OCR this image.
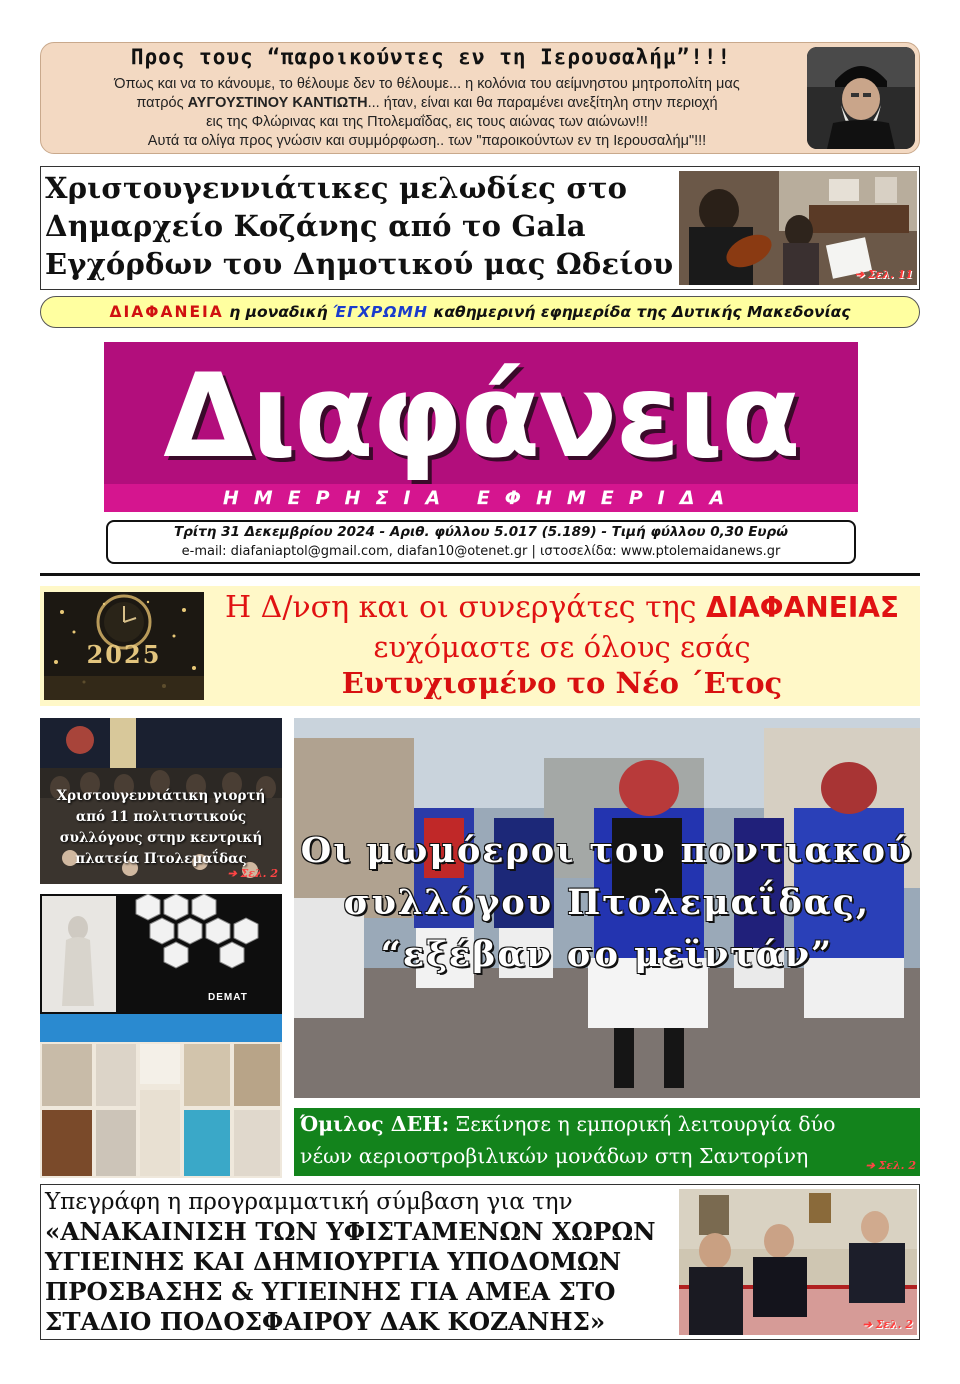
Προς τους “παροικούντες εν τη Ιερουσαλήμ”!!!
Όπως και να το κάνουμε, το θέλουμε δεν το θέλουμε... η κολόνια του αείμνηστου μητροπολίτη μας
πατρός ΑΥΓΟΥΣΤΙΝΟΥ ΚΑΝΤΙΩΤΗ... ήταν, είναι και θα παραμένει ανεξίτηλη στην περιοχή
εις της Φλώρινας και της Πτολεμαΐδας, εις τους αιώνας των αιώνων!!!
Αυτά τα ολίγα προς γνώσιν και συμμόρφωση.. των "παροικούντων εν τη Ιερουσαλήμ"!!!
Χριστουγεννιάτικες μελωδίες στο
Δημαρχείο Κοζάνης από το Gala
Εγχόρδων του Δημοτικού μας Ωδείου	➔ Σελ. 11
ΔΙΑΦΑΝΕΙΑ η μοναδική ΈΓΧΡΩΜΗ καθημερινή εφημερίδα της Δυτικής Μακεδονίας
Διαφάνεια
ΗΜΕΡΗΣΙΑ ΕΦΗΜΕΡΙΔΑ
Τρίτη 31 Δεκεμβρίου 2024 - Αριθ. φύλλου 5.017 (5.189) - Τιμή φύλλου 0,30 Ευρώ
e-mail: diafaniaptol@gmail.com, diafan10@otenet.gr | ιστοσελίδα: www.ptolemaidanews.gr
2025
Η Δ/νση και οι συνεργάτες της ΔΙΑΦΑΝΕΙΑΣ
ευχόμαστε σε όλους εσάς
Ευτυχισμένο το Νέο ΄Ετος
Χριστουγεννιάτικη γιορτή
από 11 πολιτιστικούς
συλλόγους στην κεντρική
πλατεία Πτολεμαΐδας
➔ Σελ. 2
DEMAT
Οι μωμόεροι του ποντιακού
συλλόγου Πτολεμαΐδας,
“εξέβαν σο μεϊντάν”
Όμιλος ΔΕΗ: Ξεκίνησε η εμπορική λειτουργία δύο
νέων αεριοστροβιλικών μονάδων στη Σαντορίνη	➔ Σελ. 2
Υπεγράφη η προγραμματική σύμβαση για την
«ΑΝΑΚΑΙΝΙΣΗ ΤΩΝ ΥΦΙΣΤΑΜΕΝΩΝ ΧΩΡΩΝ
ΥΓΙΕΙΝΗΣ ΚΑΙ ΔΗΜΙΟΥΡΓΙΑ ΥΠΟΔΟΜΩΝ
ΠΡΟΣΒΑΣΗΣ & ΥΓΙΕΙΝΗΣ ΓΙΑ ΑΜΕΑ ΣΤΟ
ΣΤΑΔΙΟ ΠΟΔΟΣΦΑΙΡΟΥ ΔΑΚ ΚΟΖΑΝΗΣ»	➔ Σελ. 2
